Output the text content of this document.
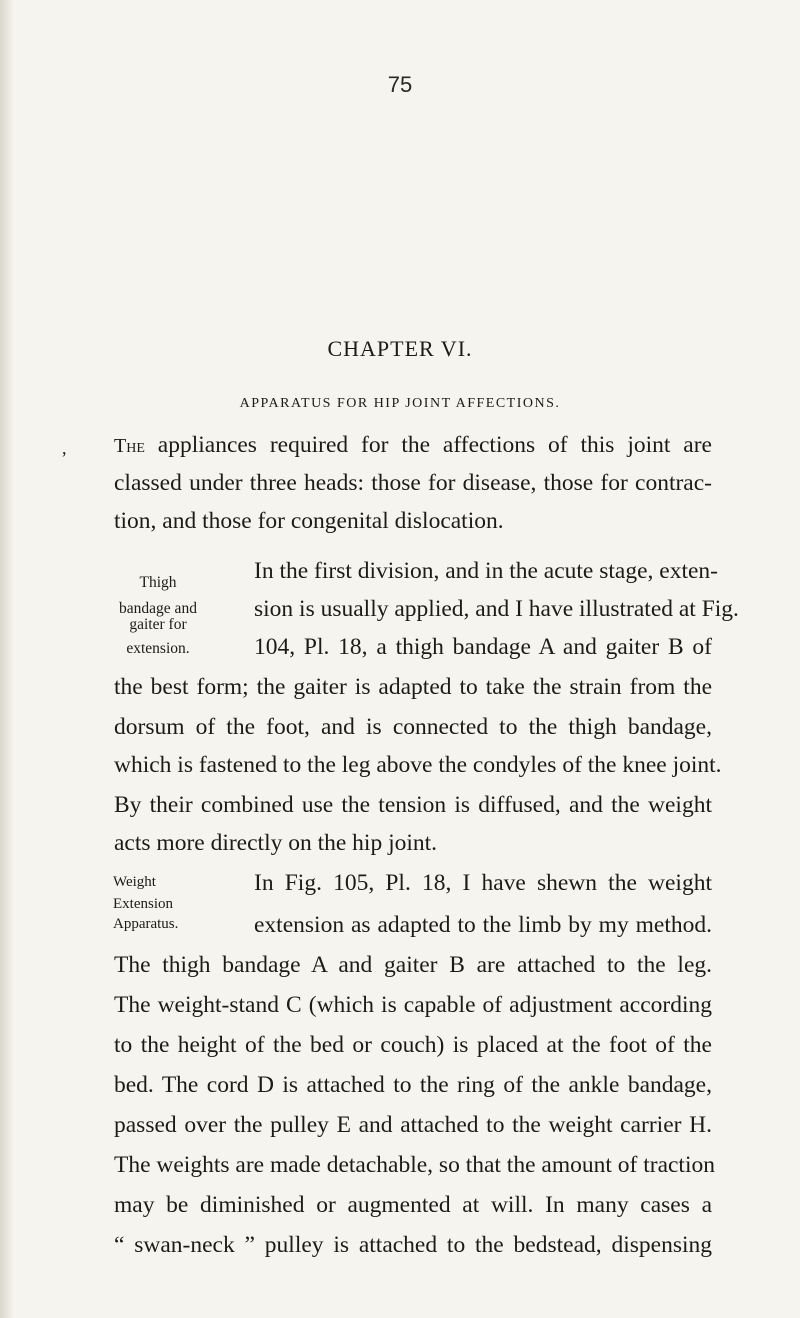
75
CHAPTER VI.
APPARATUS FOR HIP JOINT AFFECTIONS.
, The appliances required for the affections of this joint are
classed under three heads: those for disease, those for contrac-
tion, and those for congenital dislocation.
Thigh
bandage and
gaiter for
extension.
In the first division, and in the acute stage, exten-
sion is usually applied, and I have illustrated at Fig.
104, Pl. 18, a thigh bandage A and gaiter B of
the best form; the gaiter is adapted to take the strain from the
dorsum of the foot, and is connected to the thigh bandage,
which is fastened to the leg above the condyles of the knee joint.
By their combined use the tension is diffused, and the weight
acts more directly on the hip joint.
Weight
Extension
Apparatus.
In Fig. 105, Pl. 18, I have shewn the weight
extension as adapted to the limb by my method.
The thigh bandage A and gaiter B are attached to the leg.
The weight-stand C (which is capable of adjustment according
to the height of the bed or couch) is placed at the foot of the
bed. The cord D is attached to the ring of the ankle bandage,
passed over the pulley E and attached to the weight carrier H.
The weights are made detachable, so that the amount of traction
may be diminished or augmented at will. In many cases a
“ swan-neck ” pulley is attached to the bedstead, dispensing
